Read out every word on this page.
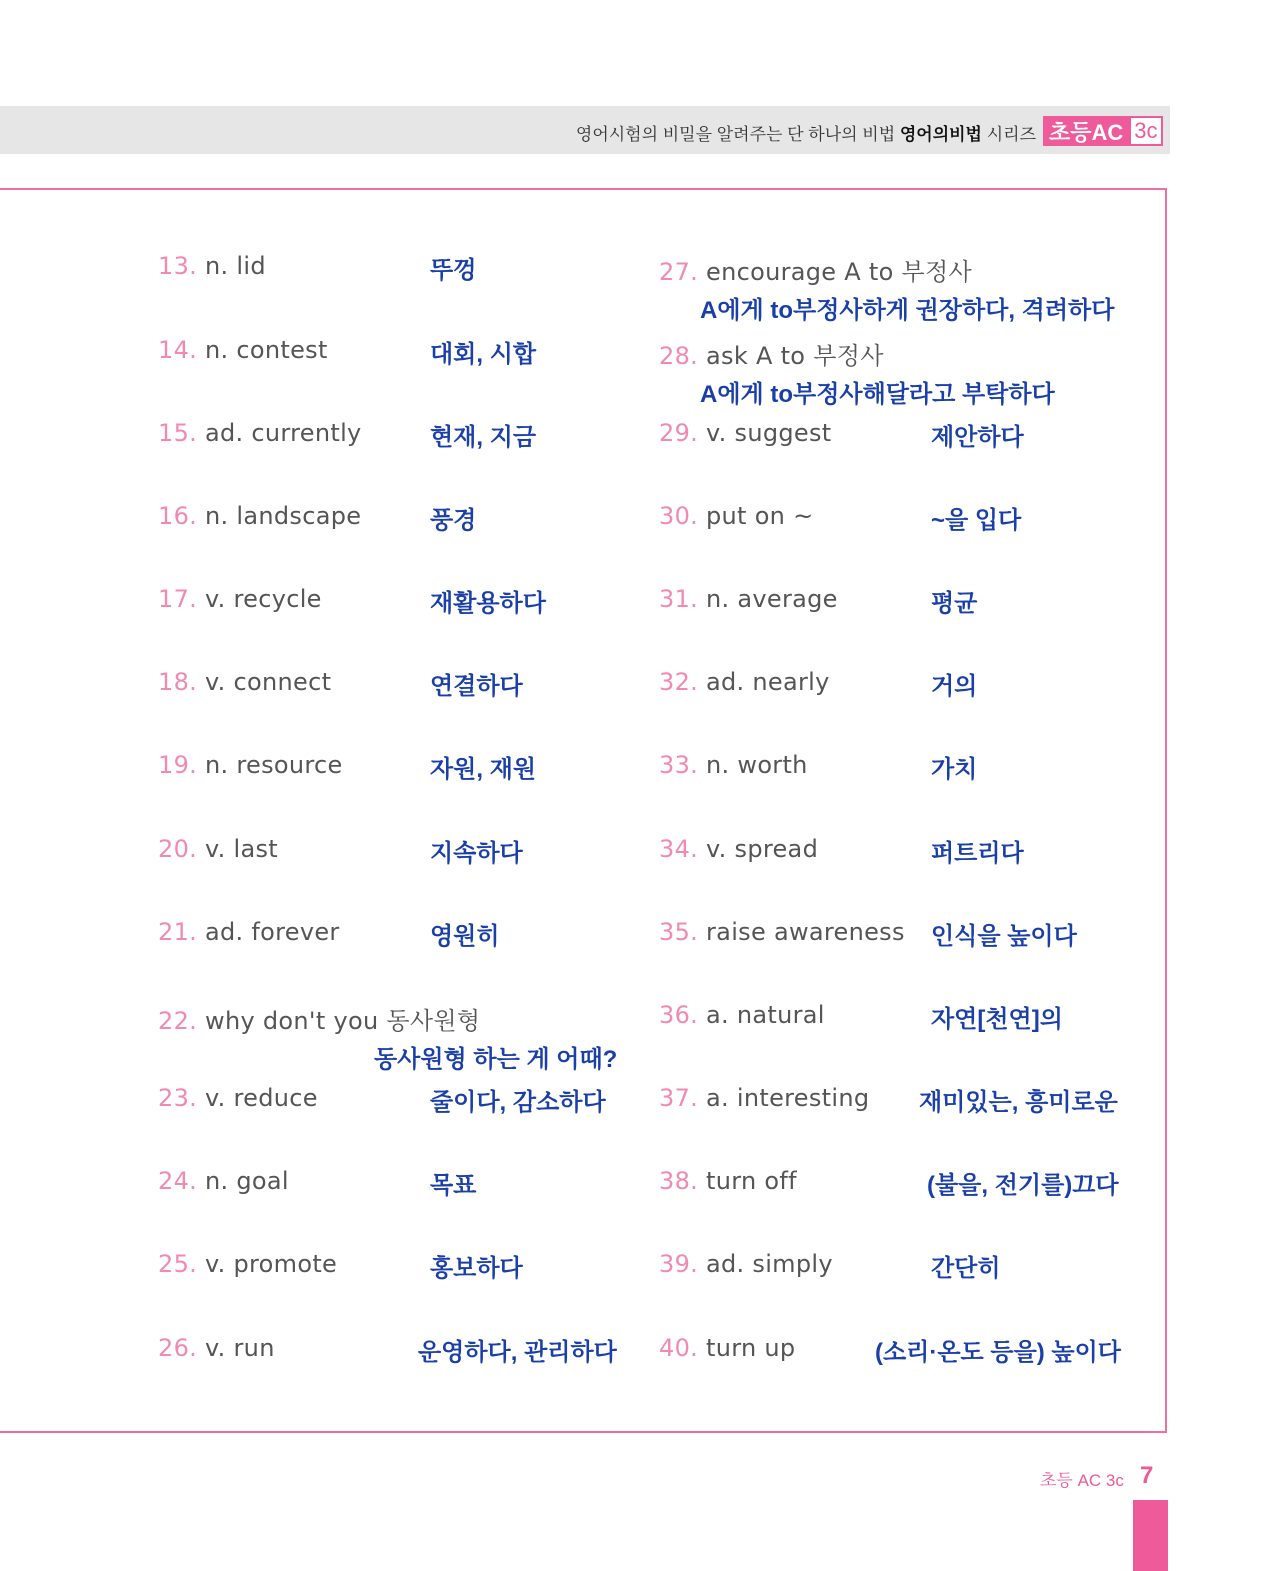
영어시험의 비밀을 알려주는 단 하나의 비법 영어의비법 시리즈 초등AC 3c
13. n. lid	뚜껑
14. n. contest	대회, 시합
15. ad. currently	현재, 지금
16. n. landscape	풍경
17. v. recycle	재활용하다
18. v. connect	연결하다
19. n. resource	자원, 재원
20. v. last	지속하다
21. ad. forever	영원히
22. why don't you 동사원형
동사원형 하는 게 어때?
23. v. reduce	줄이다, 감소하다
24. n. goal	목표
25. v. promote	홍보하다
26. v. run	운영하다, 관리하다
27. encourage A to 부정사
A에게 to부정사하게 권장하다, 격려하다
28. ask A to 부정사
A에게 to부정사해달라고 부탁하다
29. v. suggest	제안하다
30. put on ~	~을 입다
31. n. average	평균
32. ad. nearly	거의
33. n. worth	가치
34. v. spread	퍼트리다
35. raise awareness 인식을 높이다
36. a. natural	자연[천연]의
37. a. interesting 재미있는, 흥미로운
38. turn off	(불을, 전기를)끄다
39. ad. simply	간단히
40. turn up	(소리·온도 등을) 높이다
초등 AC 3c 7
